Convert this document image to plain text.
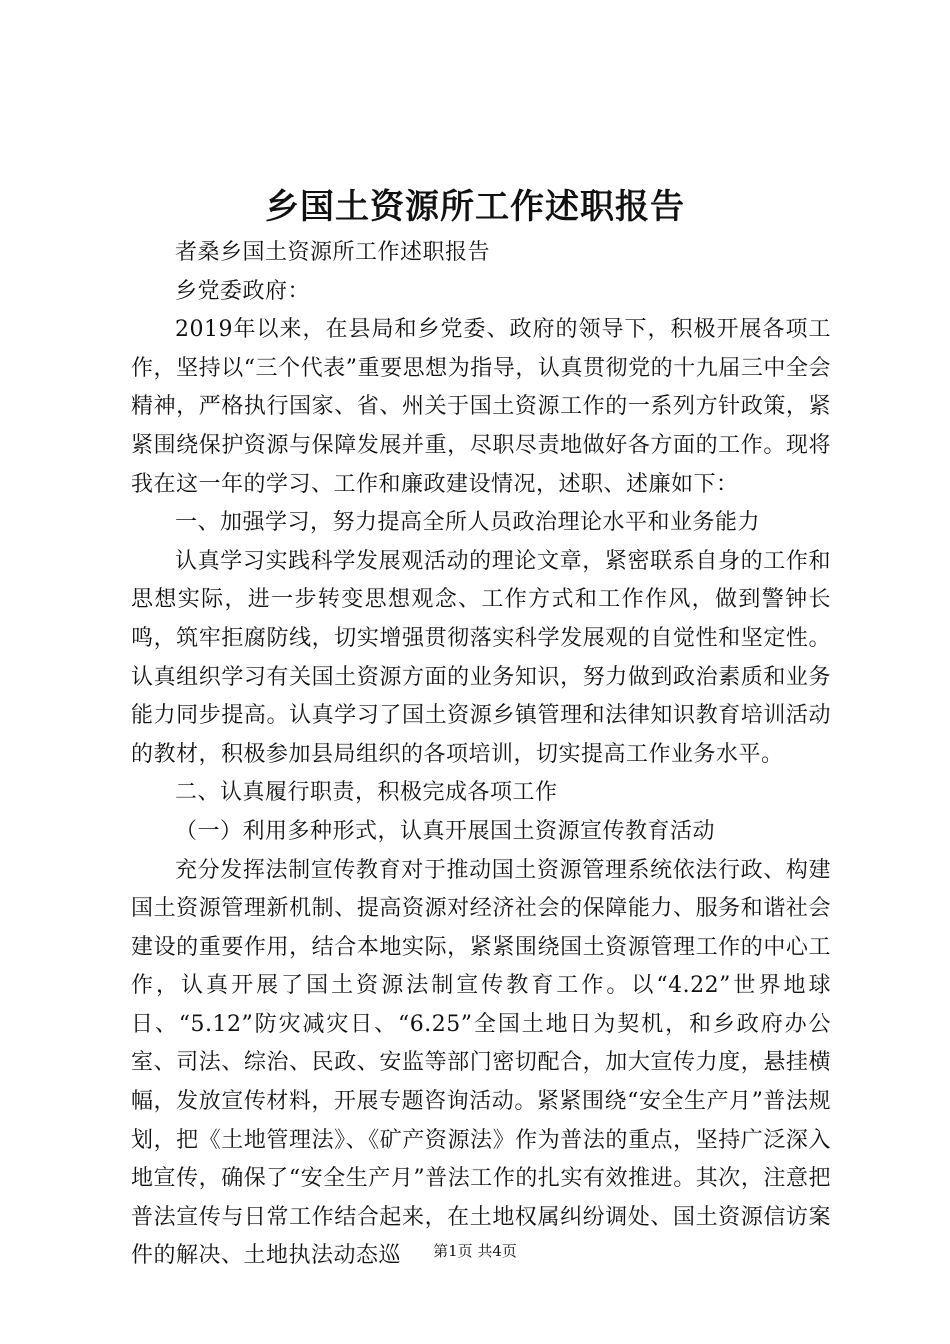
乡国土资源所工作述职报告

者桑乡国土资源所工作述职报告

乡党委政府：

2019年以来，在县局和乡党委、政府的领导下，积极开展各项工作，坚持以“三个代表”重要思想为指导，认真贯彻党的十九届三中全会精神，严格执行国家、省、州关于国土资源工作的一系列方针政策，紧紧围绕保护资源与保障发展并重，尽职尽责地做好各方面的工作。现将我在这一年的学习、工作和廉政建设情况，述职、述廉如下：

一、加强学习，努力提高全所人员政治理论水平和业务能力

认真学习实践科学发展观活动的理论文章，紧密联系自身的工作和思想实际，进一步转变思想观念、工作方式和工作作风，做到警钟长鸣，筑牢拒腐防线，切实增强贯彻落实科学发展观的自觉性和坚定性。认真组织学习有关国土资源方面的业务知识，努力做到政治素质和业务能力同步提高。认真学习了国土资源乡镇管理和法律知识教育培训活动的教材，积极参加县局组织的各项培训，切实提高工作业务水平。

二、认真履行职责，积极完成各项工作

（一）利用多种形式，认真开展国土资源宣传教育活动

充分发挥法制宣传教育对于推动国土资源管理系统依法行政、构建国土资源管理新机制、提高资源对经济社会的保障能力、服务和谐社会建设的重要作用，结合本地实际，紧紧围绕国土资源管理工作的中心工作，认真开展了国土资源法制宣传教育工作。以“4.22”世界地球日、“5.12”防灾减灾日、“6.25”全国土地日为契机，和乡政府办公室、司法、综治、民政、安监等部门密切配合，加大宣传力度，悬挂横幅，发放宣传材料，开展专题咨询活动。紧紧围绕“安全生产月”普法规划，把《土地管理法》、《矿产资源法》作为普法的重点，坚持广泛深入地宣传，确保了“安全生产月”普法工作的扎实有效推进。其次，注意把普法宣传与日常工作结合起来，在土地权属纠纷调处、国土资源信访案件的解决、土地执法动态巡	第1页 共4页
